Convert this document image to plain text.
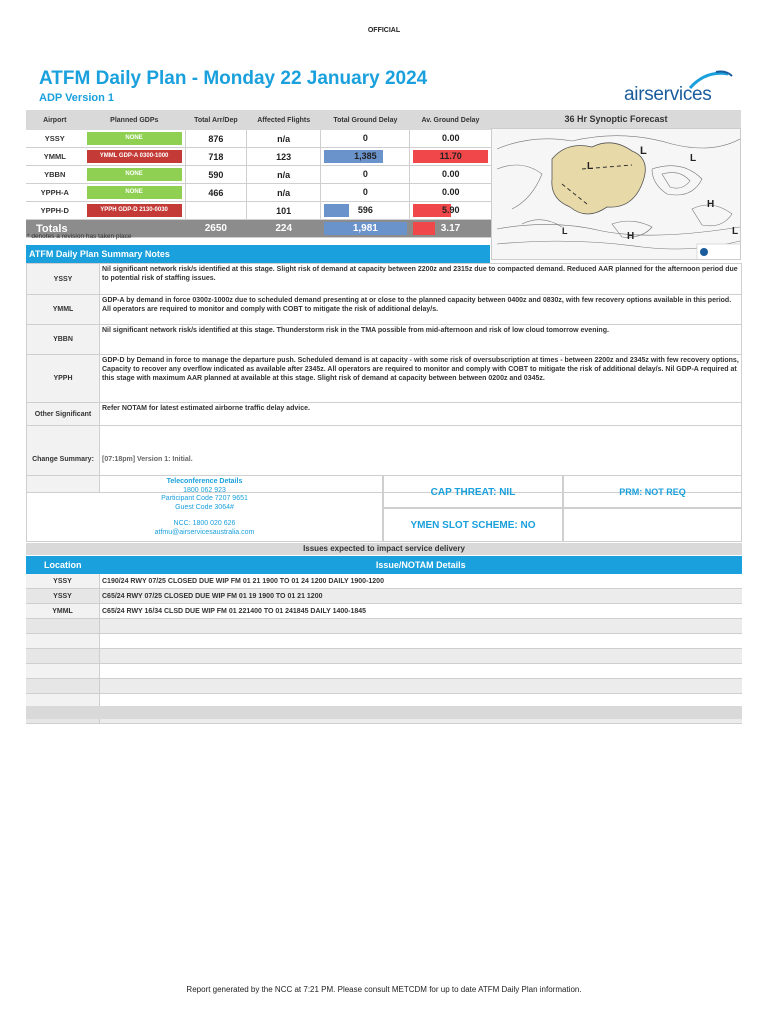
OFFICIAL
ATFM Daily Plan - Monday 22 January 2024
ADP Version 1	airservices
Airport	Planned GDPs	Total Arr/Dep	Affected Flights	Total Ground Delay	Av. Ground Delay
YSSY	NONE	876	n/a	0	0.00

YMML	YMML GDP-A 0300-1000	718	123	1,385	11.70

YBBN	NONE	590	n/a	0	0.00

YPPH-A	NONE	466	n/a	0	0.00

YPPH-D	YPPH GDP-D 2130-0030		101	596	5.90

Totals		2650	224	1,981	3.17
36 Hr Synoptic Forecast
L
L
L
H
H
L	L
* denotes a revision has taken place
ATFM Daily Plan Summary Notes
YSSY	Nil significant network risk/s identified at this stage. Slight risk of demand at capacity between 2200z and 2315z due to compacted demand. Reduced AAR planned for the afternoon period due to potential risk of staffing issues.
YMML	GDP-A by demand in force 0300z-1000z due to scheduled demand presenting at or close to the planned capacity between 0400z and 0830z, with few recovery options available in this period. All operators are required to monitor and comply with COBT to mitigate the risk of additional delay/s.
YBBN	Nil significant network risk/s identified at this stage. Thunderstorm risk in the TMA possible from mid-afternoon and risk of low cloud tomorrow evening.
YPPH	GDP-D by Demand in force to manage the departure push. Scheduled demand is at capacity - with some risk of oversubscription at times - between 2200z and 2345z with few recovery options, Capacity to recover any overflow indicated as available after 2345z. All operators are required to monitor and comply with COBT to mitigate the risk of additional delay/s. Nil GDP-A required at this stage with maximum AAR planned at available at this stage. Slight risk of demand at capacity between between 0200z and 0345z.
Other Significant	Refer NOTAM for latest estimated airborne traffic delay advice.
Change Summary:	[07:18pm] Version 1: Initial.
Teleconference Details
1800 062 923
Participant Code 7207 9651
Guest Code 3064#
NCC: 1800 020 626
atfmu@airservicesaustralia.com
CAP THREAT: NIL	PRM: NOT REQ
YMEN SLOT SCHEME: NO
Issues expected to impact service delivery
Location	Issue/NOTAM Details
YSSY	C190/24 RWY 07/25 CLOSED DUE WIP FM 01 21 1900 TO 01 24 1200 DAILY 1900-1200
YSSY	C65/24 RWY 07/25 CLOSED DUE WIP FM 01 19 1900 TO 01 21 1200
YMML	C65/24 RWY 16/34 CLSD DUE WIP FM 01 221400 TO 01 241845 DAILY 1400-1845

Report generated by the NCC at 7:21 PM. Please consult METCDM for up to date ATFM Daily Plan information.
